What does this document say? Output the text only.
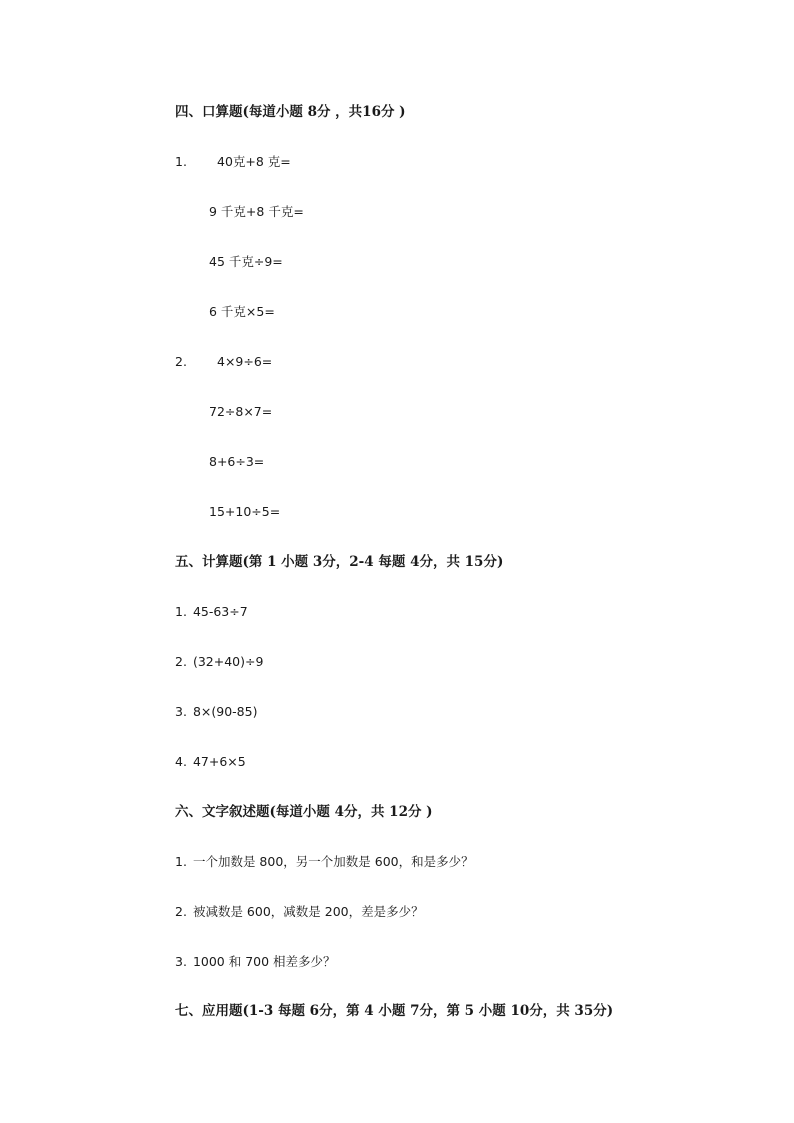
四、口算题(每道小题 8分 ，共16分 )
1. 40克+8 克=
9 千克+8 千克=
45 千克÷9=
6 千克×5=
2. 4×9÷6=
72÷8×7=
8+6÷3=
15+10÷5=
五、计算题(第 1 小题 3分，2-4 每题 4分，共 15分)
1. 45-63÷7
2. (32+40)÷9
3. 8×(90-85)
4. 47+6×5
六、文字叙述题(每道小题 4分，共 12分 )
1. 一个加数是 800，另一个加数是 600，和是多少？
2. 被减数是 600，减数是 200，差是多少？
3. 1000 和 700 相差多少？
七、应用题(1-3 每题 6分，第 4 小题 7分，第 5 小题 10分，共 35分)
